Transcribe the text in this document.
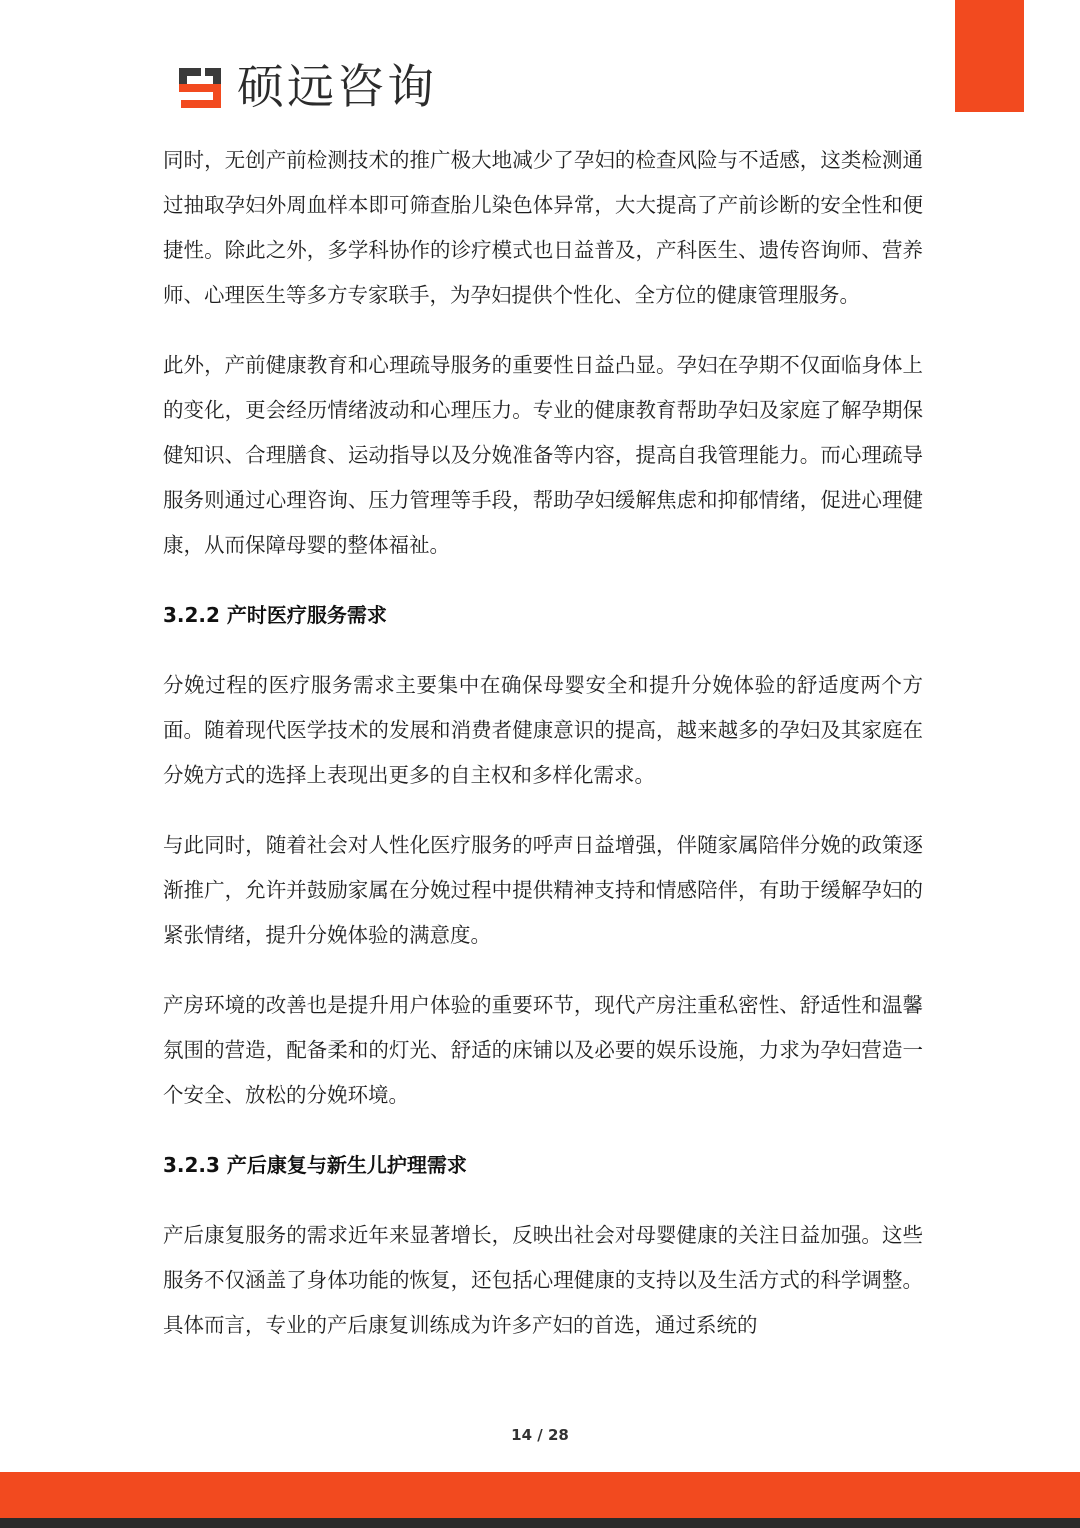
硕远咨询

同时，无创产前检测技术的推广极大地减少了孕妇的检查风险与不适感，这类检测通过抽取孕妇外周血样本即可筛查胎儿染色体异常，大大提高了产前诊断的安全性和便捷性。除此之外，多学科协作的诊疗模式也日益普及，产科医生、遗传咨询师、营养师、心理医生等多方专家联手，为孕妇提供个性化、全方位的健康管理服务。

此外，产前健康教育和心理疏导服务的重要性日益凸显。孕妇在孕期不仅面临身体上的变化，更会经历情绪波动和心理压力。专业的健康教育帮助孕妇及家庭了解孕期保健知识、合理膳食、运动指导以及分娩准备等内容，提高自我管理能力。而心理疏导服务则通过心理咨询、压力管理等手段，帮助孕妇缓解焦虑和抑郁情绪，促进心理健康，从而保障母婴的整体福祉。

3.2.2 产时医疗服务需求

分娩过程的医疗服务需求主要集中在确保母婴安全和提升分娩体验的舒适度两个方面。随着现代医学技术的发展和消费者健康意识的提高，越来越多的孕妇及其家庭在分娩方式的选择上表现出更多的自主权和多样化需求。

与此同时，随着社会对人性化医疗服务的呼声日益增强，伴随家属陪伴分娩的政策逐渐推广，允许并鼓励家属在分娩过程中提供精神支持和情感陪伴，有助于缓解孕妇的紧张情绪，提升分娩体验的满意度。

产房环境的改善也是提升用户体验的重要环节，现代产房注重私密性、舒适性和温馨氛围的营造，配备柔和的灯光、舒适的床铺以及必要的娱乐设施，力求为孕妇营造一个安全、放松的分娩环境。

3.2.3 产后康复与新生儿护理需求

产后康复服务的需求近年来显著增长，反映出社会对母婴健康的关注日益加强。这些服务不仅涵盖了身体功能的恢复，还包括心理健康的支持以及生活方式的科学调整。具体而言，专业的产后康复训练成为许多产妇的首选，通过系统的

14 / 28
